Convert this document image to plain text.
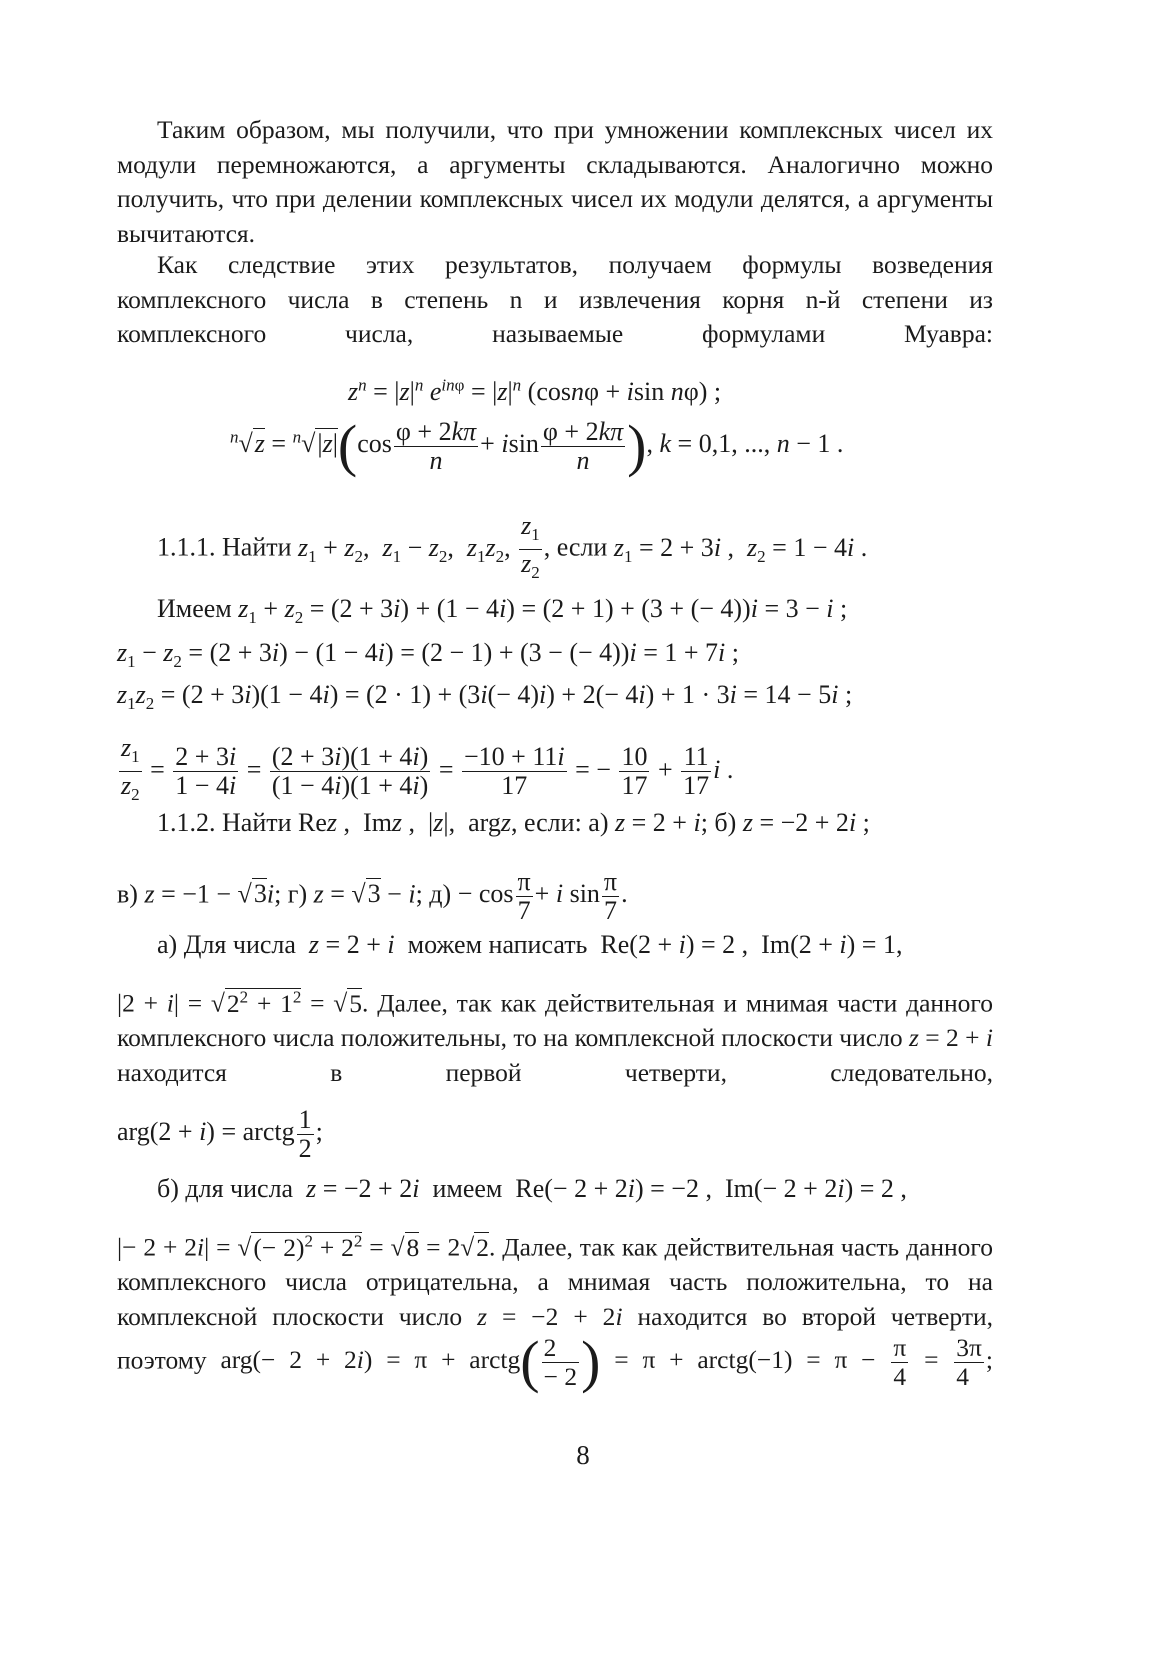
Таким образом, мы получили, что при умножении комплексных чисел их модули перемножаются, а аргументы складываются. Аналогично можно получить, что при делении комплексных чисел их модули делятся, а аргументы вычитаются.
Как следствие этих результатов, получаем формулы возведения комплексного числа в степень n и извлечения корня n-й степени из комплексного числа, называемые формулами Муавра:
$z^n = |z|^n$ $e^{in\varphi} = |z|^n$ (cosnφ + isin nφ) ;
$^n√z = ^n√|z|(\cos \frac{\varphi + 2k\pi}{n} + isin \frac{\varphi + 2k\pi}{n}$ ), k = 0,1, ..., n − 1 .
1.1.1. Найти $z_1 + z_2$,  $z_1 - z_2$,  $z_1z_2$, $\frac{z_1}{z_2}$ , если $z_1 = 2 + 3i$ ,  $z_2 = 1 - 4i$ .
Имеем $z_1 + z_2 = (2 + 3i) + (1 - 4i) = (2 + 1) + (3$ + (− 4))i = 3 − i ;
$z_1 - z_2 = (2 + 3i) - (1 - 4i) = (2 - 1) + (3$ − (− 4))i = 1 + 7i ;
$z_1z_2 = (2 + 3i)(1 - 4i) = (2 \cdot 1) + (3i(- 4)i) + 2(- 4i) + 1 \cdot 3i = 14 - 5i$ ;
$\frac{z_1}{z_2} = \frac{2 + 3i}{1 - 4i} = \frac{(2 + 3i)(1 + 4i)}{(1 - 4i)(1 + 4i)} = \frac{-10 + 11i}{17}$ = − $\frac{10}{17} + \frac{11}{17}$ i .
1.1.2. Найти Rez ,  Imz ,  |z|,  argz, если: а) z = 2 + i; б) z = −2 + 2i ;
в) z = −1 − √3i; г) z = √3 − i; $д) - \cos \frac{\pi}{7} + i$ $\sin \frac{\pi}{7}$ .
а) Для числа z = 2 + i можем написать Re(2 + i) = 2 ,  Im(2 + i) = 1,
$|2 + i| = √2^2 + 1^2 = √5$. Далее, так как действительная и мнимая части данного комплексного числа положительны, то на комплексной плоскости число z = 2 + i находится в первой четверти, следовательно,
arg(2 + i) = arctg $\frac{1}{2}$ ;
б) для числа z = −2 + 2i имеем Re(− 2 + 2i) = −2 ,  Im(− 2 + 2i) = 2 ,
|− 2 + 2i| = √(− $2)^2 + 2^2 = √8 = 2√2$. Далее, так как действительная часть данного комплексного числа отрицательна, а мнимая часть положительна, то на комплексной плоскости число z = −2 + 2i находится во второй четверти, поэтому arg(− 2 + 2i) = π + arctg( $\frac{2}{- 2}$ ) = π + arctg(−1) = $\pi - \frac{\pi}{4} = \frac{3\pi}{4}$ ;
8
